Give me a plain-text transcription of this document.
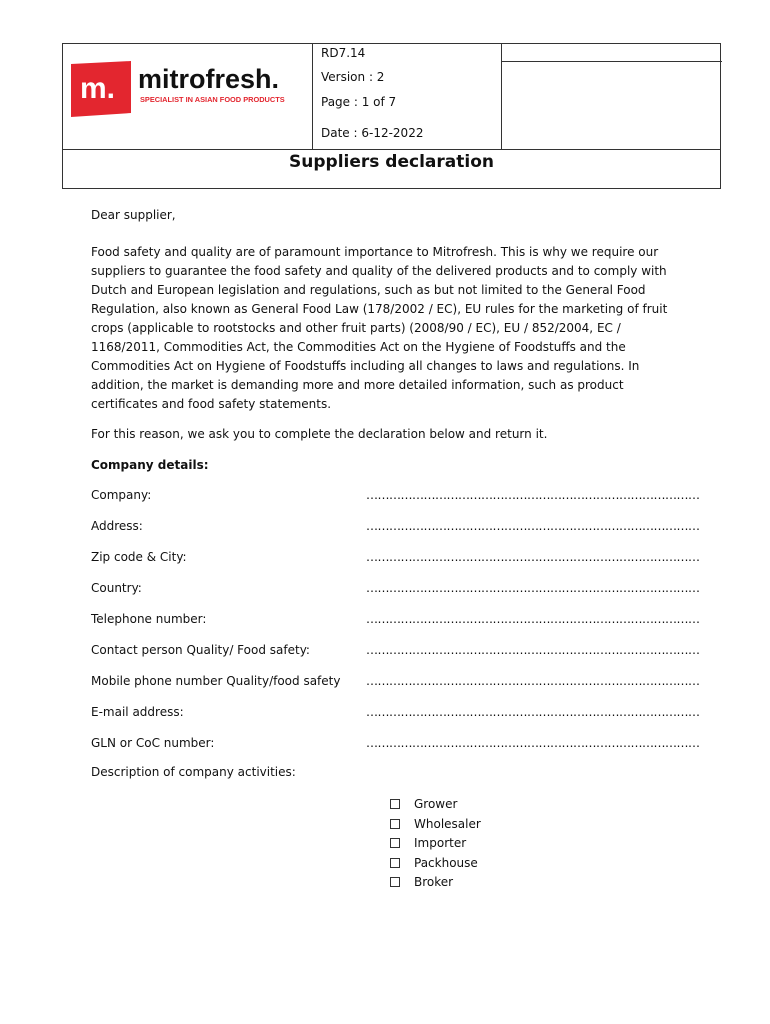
m. mitrofresh.
SPECIALIST IN ASIAN FOOD PRODUCTS
RD7.14
Version : 2
Page : 1 of 7
Date : 6-12-2022
Suppliers declaration
Dear supplier,
Food safety and quality are of paramount importance to Mitrofresh. This is why we require our suppliers to guarantee the food safety and quality of the delivered products and to comply with Dutch and European legislation and regulations, such as but not limited to the General Food Regulation, also known as General Food Law (178/2002 / EC), EU rules for the marketing of fruit crops (applicable to rootstocks and other fruit parts) (2008/90 / EC), EU / 852/2004, EC / 1168/2011, Commodities Act, the Commodities Act on the Hygiene of Foodstuffs and the Commodities Act on Hygiene of Foodstuffs including all changes to laws and regulations. In addition, the market is demanding more and more detailed information, such as product certificates and food safety statements.
For this reason, we ask you to complete the declaration below and return it.
Company details:
Company:	……………………………………………………………………………
Address:	……………………………………………………………………………
Zip code & City:	……………………………………………………………………………
Country:	……………………………………………………………………………
Telephone number:	……………………………………………………………………………
Contact person Quality/ Food safety:	……………………………………………………………………………
Mobile phone number Quality/food safety ……………………………………………………………………………
E-mail address:	……………………………………………………………………………
GLN or CoC number:	……………………………………………………………………………
Description of company activities:
Grower
Wholesaler
Importer
Packhouse
Broker
